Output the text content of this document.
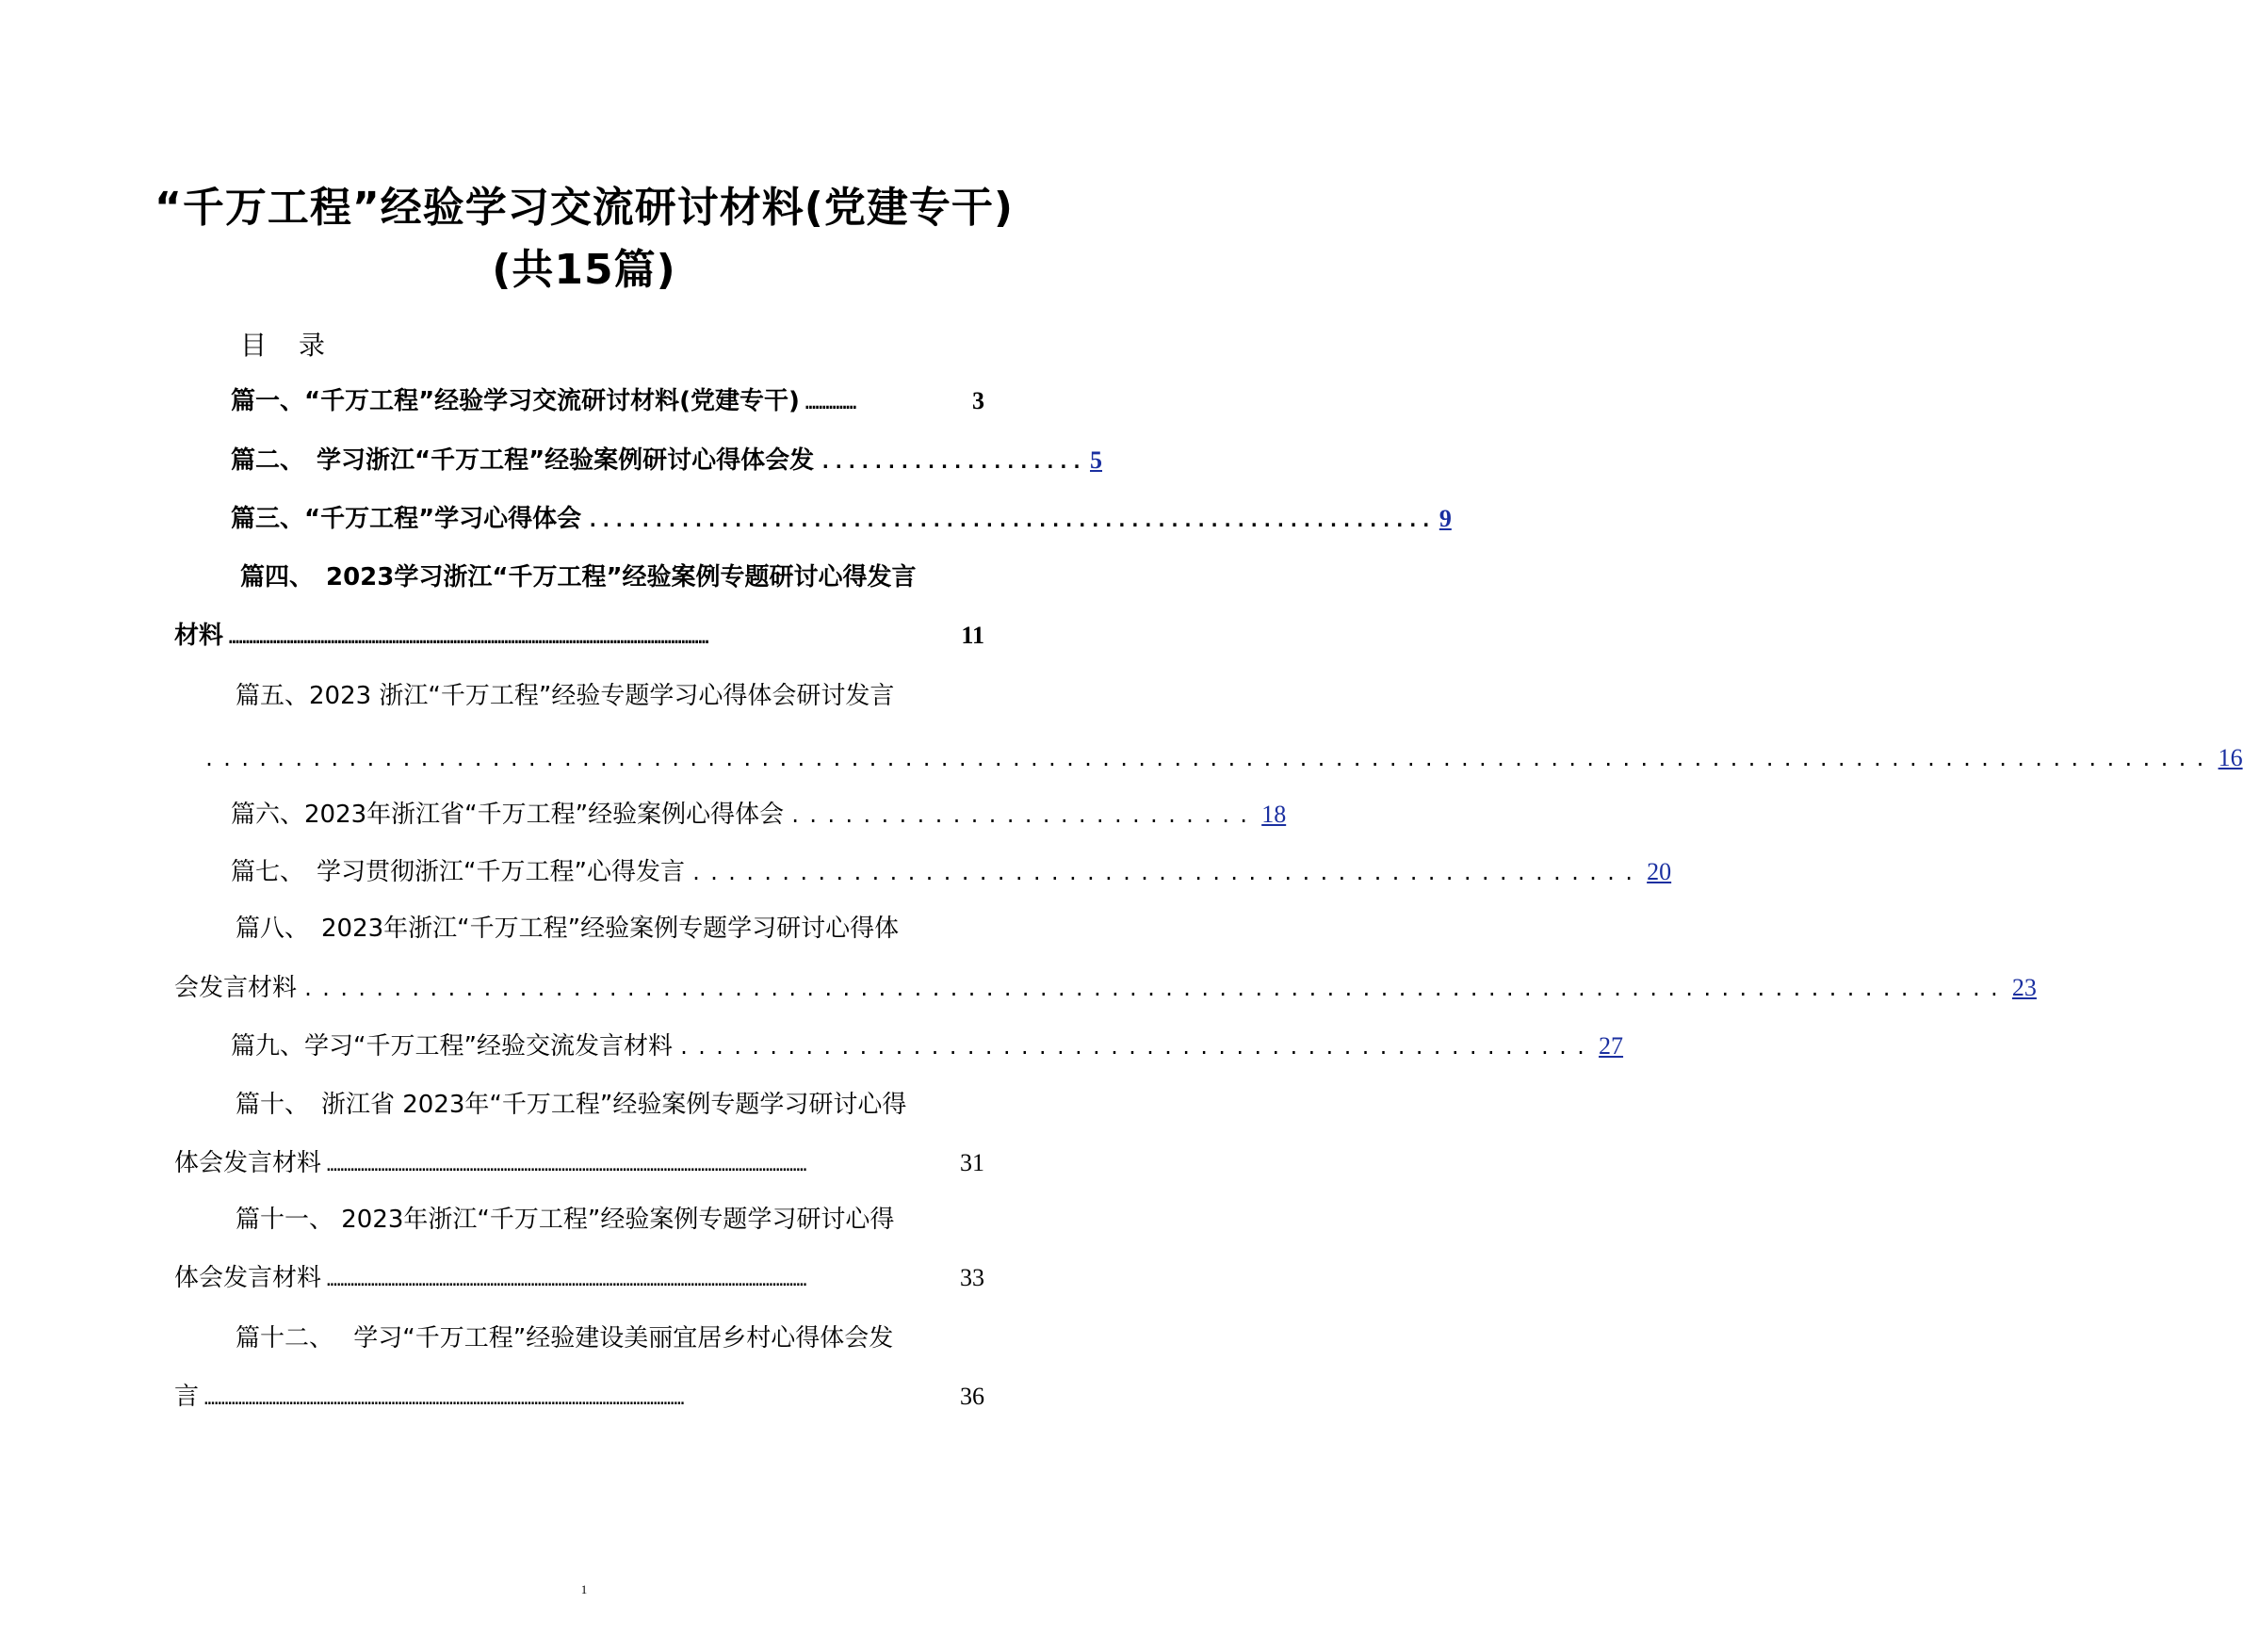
“千万工程”经验学习交流研讨材料(党建专干)(共15篇)
目 录
篇一、“千万工程”经验学习交流研讨材料(党建专干) ……………	3
篇二、　学习浙江“千万工程”经验案例研讨心得体会发 .................... 5
篇三、“千万工程”学习心得体会 ................................................................ 9
篇四、　2023学习浙江“千万工程”经验案例专题研讨心得发言
材料 ……………………………………………………………………………………………………………………………	11
篇五、2023 浙江“千万工程”经验专题学习心得体会研讨发言
................................................................................................................ 16
篇六、2023年浙江省“千万工程”经验案例心得体会 .......................... 18
篇七、　学习贯彻浙江“千万工程”心得发言 ..................................................... 20
篇八、　2023年浙江“千万工程”经验案例专题学习研讨心得体
会发言材料 ............................................................................................... 23
篇九、学习“千万工程”经验交流发言材料 ................................................... 27
篇十、　浙江省 2023年“千万工程”经验案例专题学习研讨心得
体会发言材料 ……………………………………………………………………………………………………………………………	31
篇十一、 2023年浙江“千万工程”经验案例专题学习研讨心得
体会发言材料 ……………………………………………………………………………………………………………………………	33
篇十二、　 学习“千万工程”经验建设美丽宜居乡村心得体会发
言 ……………………………………………………………………………………………………………………………	36
1
